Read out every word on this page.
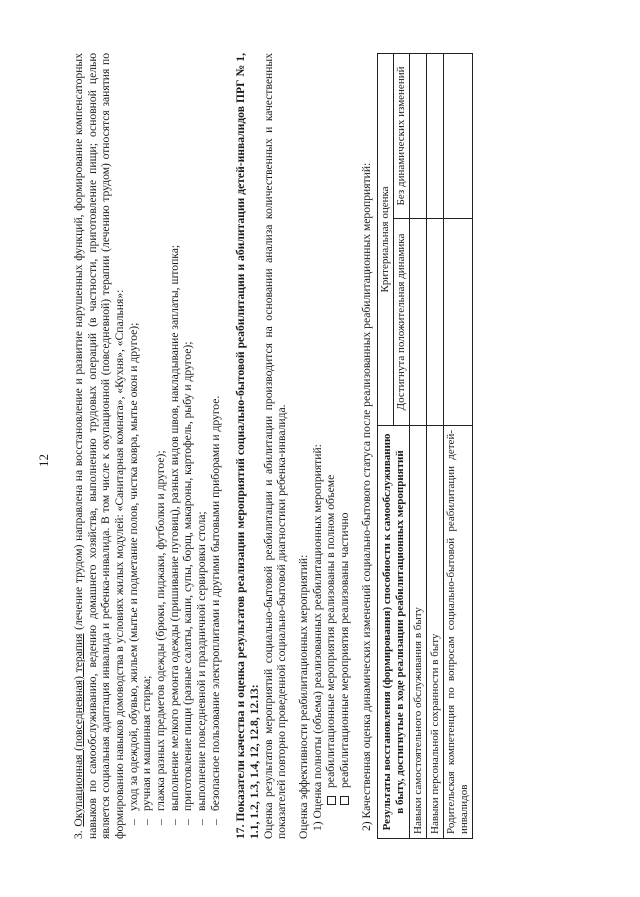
12

3. Окупационная (повседневная) терапия (лечение трудом) направлена на восстановление и развитие нарушенных функций, формирование компенсаторных навыков по самообслуживанию, ведению домашнего хозяйства, выполнению трудовых операций (в частности, приготовление пищи; основной целью является социальная адаптация инвалида и ребенка-инвалида. В том числе к окупационной (повседневной) терапии (лечению трудом) относятся занятия по формированию навыков домоводства в условиях жилых модулей: «Санитарная комната», «Кухня», «Спальня»: – уход за одеждой, обувью, жильем (мытье и подметание полов, чистка ковра, мытье окон и другое); – ручная и машинная стирка; – глажка разных предметов одежды (брюки, пиджаки, футболки и другое); – выполнение мелкого ремонта одежды (пришивание пуговиц), разных видов швов, накладывание заплаты, штопка; – приготовление пищи (разные салаты, каши, супы, борщ, макароны, картофель, рыбу и другое); – выполнение повседневной и праздничной сервировки стола; – безопасное пользование электроплитами и другими бытовыми приборами и другое. 17. Показатели качества и оценка результатов реализации мероприятий социально-бытовой реабилитации и абилитации детей-инвалидов ПРГ № 1, 1.1, 1.2, 1.3, 1.4, 12, 12.8, 12.13: Оценка результатов мероприятий социально-бытовой реабилитации и абилитации производится на основании анализа количественных и качественных показателей повторно проведенной социально-бытовой диагностики ребенка-инвалида. Оценка эффективности реабилитационных мероприятий: 1) Оценка полноты (объема) реализованных реабилитационных мероприятий: реабилитационные мероприятия реализованы в полном объеме реабилитационные мероприятия реализованы частично 2) Качественная оценка динамических изменений социально-бытового статуса после реализованных реабилитационных мероприятий: Результаты восстановления (формирования) способности к самообслуживанию в быту, достигнутые в ходе реализации реабилитационных мероприятий	Критериальная оценка	
	Достигнута положительная динамика	Без динамических изменений
Навыки самостоятельного обслуживания в быту		
Навыки персональной сохранности в быту		
Родительская компетенция по вопросам социально-бытовой реабилитации детей-инвалидов		
